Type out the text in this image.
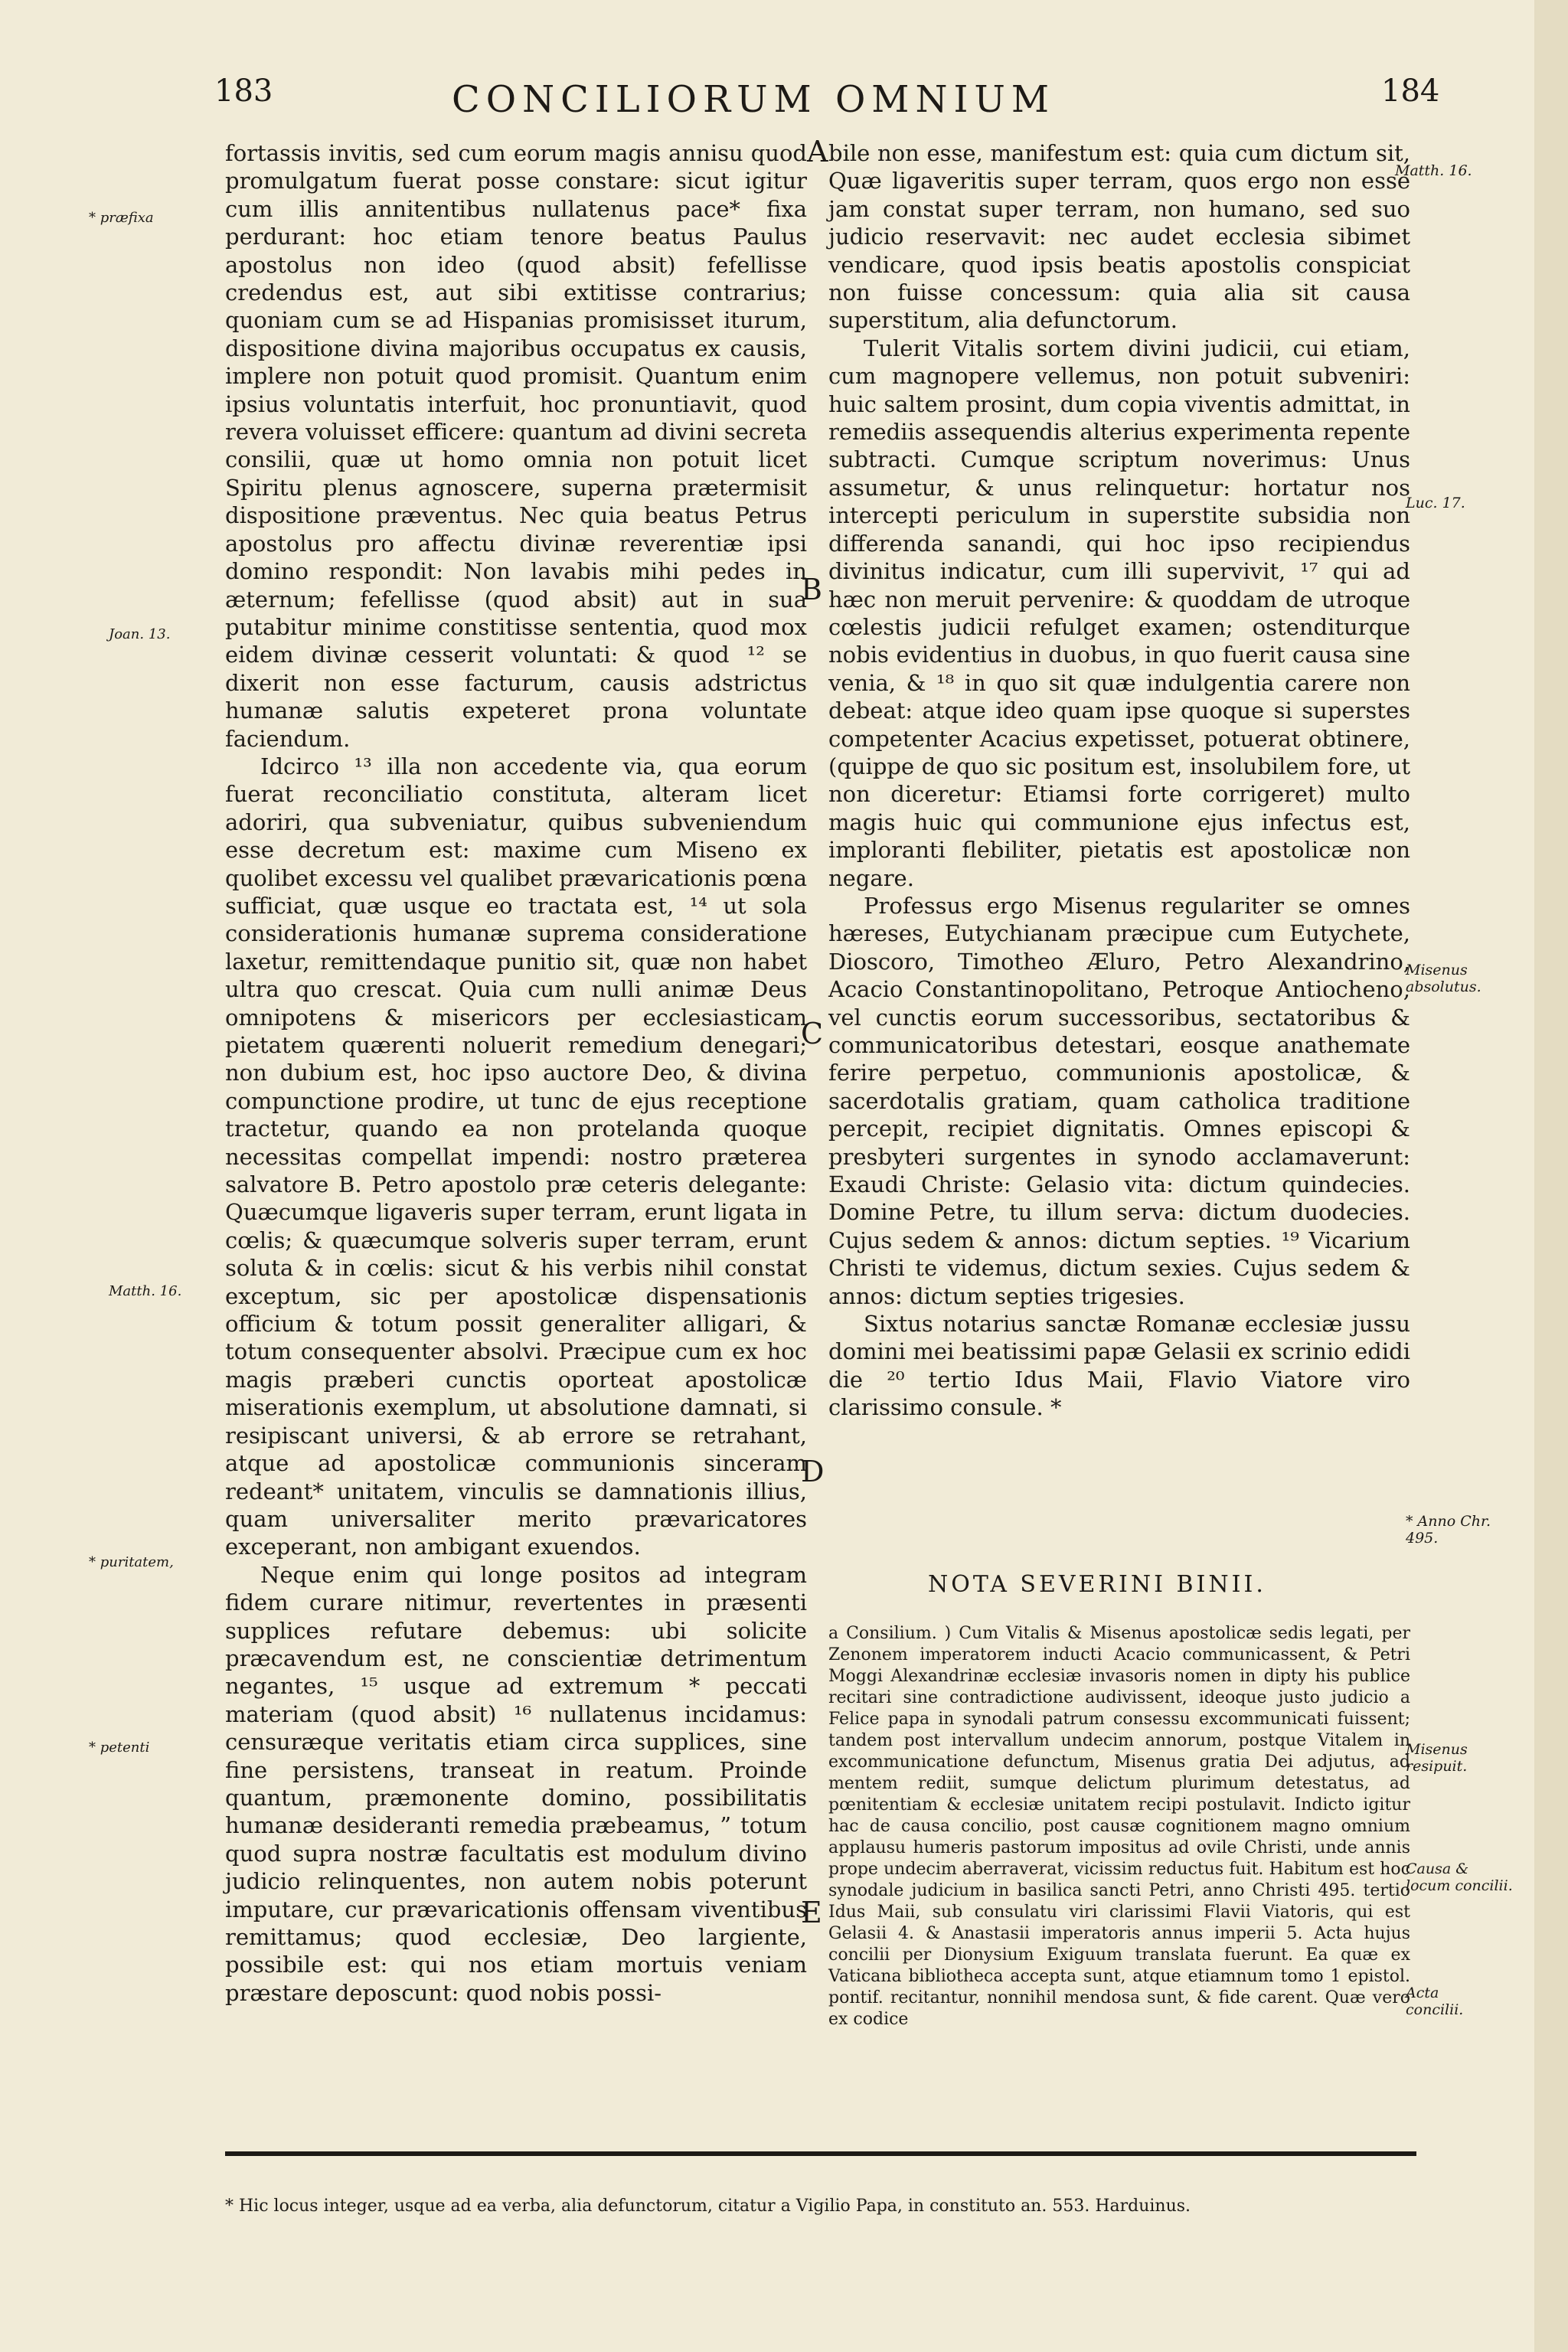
183	CONCILIORUM OMNIUM	184
A
B
C
D
E
* præfixa
Joan. 13.
Matth. 16.
* puritatem,
* petenti
Matth. 16.
Luc. 17.
Misenus absolutus.
* Anno Chr. 495.
Misenus resipuit.
Causa & locum concilii.
Acta concilii.

fortassis invitis, sed cum eorum magis annisu quod promulgatum fuerat posse constare: sicut igitur cum illis annitentibus nullatenus pace* fixa perdurant: hoc etiam tenore beatus Paulus apostolus non ideo (quod absit) fefellisse credendus est, aut sibi extitisse contrarius; quoniam cum se ad Hispanias promisisset iturum, dispositione divina majoribus occupatus ex causis, implere non potuit quod promisit. Quantum enim ipsius voluntatis interfuit, hoc pronuntiavit, quod revera voluisset efficere: quantum ad divini secreta consilii, quæ ut homo omnia non potuit licet Spiritu plenus agnoscere, superna prætermisit dispositione præventus. Nec quia beatus Petrus apostolus pro affectu divinæ reverentiæ ipsi domino respondit: Non lavabis mihi pedes in æternum; fefellisse (quod absit) aut in sua putabitur minime constitisse sententia, quod mox eidem divinæ cesserit voluntati: & quod ¹² se dixerit non esse facturum, causis adstrictus humanæ salutis expeteret prona voluntate faciendum.

Idcirco ¹³ illa non accedente via, qua eorum fuerat reconciliatio constituta, alteram licet adoriri, qua subveniatur, quibus subveniendum esse decretum est: maxime cum Miseno ex quolibet excessu vel qualibet prævaricationis pœna sufficiat, quæ usque eo tractata est, ¹⁴ ut sola considerationis humanæ suprema consideratione laxetur, remittendaque punitio sit, quæ non habet ultra quo crescat. Quia cum nulli animæ Deus omnipotens & misericors per ecclesiasticam pietatem quærenti noluerit remedium denegari; non dubium est, hoc ipso auctore Deo, & divina compunctione prodire, ut tunc de ejus receptione tractetur, quando ea non protelanda quoque necessitas compellat impendi: nostro præterea salvatore B. Petro apostolo præ ceteris delegante: Quæcumque ligaveris super terram, erunt ligata in cœlis; & quæcumque solveris super terram, erunt soluta & in cœlis: sicut & his verbis nihil constat exceptum, sic per apostolicæ dispensationis officium & totum possit generaliter alligari, & totum consequenter absolvi. Præcipue cum ex hoc magis præberi cunctis oporteat apostolicæ miserationis exemplum, ut absolutione damnati, si resipiscant universi, & ab errore se retrahant, atque ad apostolicæ communionis sinceram redeant* unitatem, vinculis se damnationis illius, quam universaliter merito prævaricatores exceperant, non ambigant exuendos.

Neque enim qui longe positos ad integram fidem curare nitimur, revertentes in præsenti supplices refutare debemus: ubi solicite præcavendum est, ne conscientiæ detrimentum negantes, ¹⁵ usque ad extremum * peccati materiam (quod absit) ¹⁶ nullatenus incidamus: censuræque veritatis etiam circa supplices, sine fine persistens, transeat in reatum. Proinde quantum, præmonente domino, possibilitatis humanæ desideranti remedia præbeamus, ” totum quod supra nostræ facultatis est modulum divino judicio relinquentes, non autem nobis poterunt imputare, cur prævaricationis offensam viventibus remittamus; quod ecclesiæ, Deo largiente, possibile est: qui nos etiam mortuis veniam præstare deposcunt: quod nobis possi-

bile non esse, manifestum est: quia cum dictum sit, Quæ ligaveritis super terram, quos ergo non esse jam constat super terram, non humano, sed suo judicio reservavit: nec audet ecclesia sibimet vendicare, quod ipsis beatis apostolis conspiciat non fuisse concessum: quia alia sit causa superstitum, alia defunctorum.

Tulerit Vitalis sortem divini judicii, cui etiam, cum magnopere vellemus, non potuit subveniri: huic saltem prosint, dum copia viventis admittat, in remediis assequendis alterius experimenta repente subtracti. Cumque scriptum noverimus: Unus assumetur, & unus relinquetur: hortatur nos intercepti periculum in superstite subsidia non differenda sanandi, qui hoc ipso recipiendus divinitus indicatur, cum illi supervivit, ¹⁷ qui ad hæc non meruit pervenire: & quoddam de utroque cœlestis judicii refulget examen; ostenditurque nobis evidentius in duobus, in quo fuerit causa sine venia, & ¹⁸ in quo sit quæ indulgentia carere non debeat: atque ideo quam ipse quoque si superstes competenter Acacius expetisset, potuerat obtinere, (quippe de quo sic positum est, insolubilem fore, ut non diceretur: Etiamsi forte corrigeret) multo magis huic qui communione ejus infectus est, imploranti flebiliter, pietatis est apostolicæ non negare.

Professus ergo Misenus regulariter se omnes hæreses, Eutychianam præcipue cum Eutychete, Dioscoro, Timotheo Æluro, Petro Alexandrino, Acacio Constantinopolitano, Petroque Antiocheno, vel cunctis eorum successoribus, sectatoribus & communicatoribus detestari, eosque anathemate ferire perpetuo, communionis apostolicæ, & sacerdotalis gratiam, quam catholica traditione percepit, recipiet dignitatis. Omnes episcopi & presbyteri surgentes in synodo acclamaverunt: Exaudi Christe: Gelasio vita: dictum quindecies. Domine Petre, tu illum serva: dictum duodecies. Cujus sedem & annos: dictum septies. ¹⁹ Vicarium Christi te videmus, dictum sexies. Cujus sedem & annos: dictum septies trigesies.

Sixtus notarius sanctæ Romanæ ecclesiæ jussu domini mei beatissimi papæ Gelasii ex scrinio edidi die ²⁰ tertio Idus Maii, Flavio Viatore viro clarissimo consule. *

NOTA SEVERINI BINII.
a Consilium. ) Cum Vitalis & Misenus apostolicæ sedis legati, per Zenonem imperatorem inducti Acacio communicassent, & Petri Moggi Alexandrinæ ecclesiæ invasoris nomen in dipty his publice recitari sine contradictione audivissent, ideoque justo judicio a Felice papa in synodali patrum consessu excommunicati fuissent; tandem post intervallum undecim annorum, postque Vitalem in excommunicatione defunctum, Misenus gratia Dei adjutus, ad mentem rediit, sumque delictum plurimum detestatus, ad pœnitentiam & ecclesiæ unitatem recipi postulavit. Indicto igitur hac de causa concilio, post causæ cognitionem magno omnium applausu humeris pastorum impositus ad ovile Christi, unde annis prope undecim aberraverat, vicissim reductus fuit. Habitum est hoc synodale judicium in basilica sancti Petri, anno Christi 495. tertio Idus Maii, sub consulatu viri clarissimi Flavii Viatoris, qui est Gelasii 4. & Anastasii imperatoris annus imperii 5. Acta hujus concilii per Dionysium Exiguum translata fuerunt. Ea quæ ex Vaticana bibliotheca accepta sunt, atque etiamnum tomo 1 epistol. pontif. recitantur, nonnihil mendosa sunt, & fide carent. Quæ vero ex codice
* Hic locus integer, usque ad ea verba, alia defunctorum, citatur a Vigilio Papa, in constituto an. 553. Harduinus.
